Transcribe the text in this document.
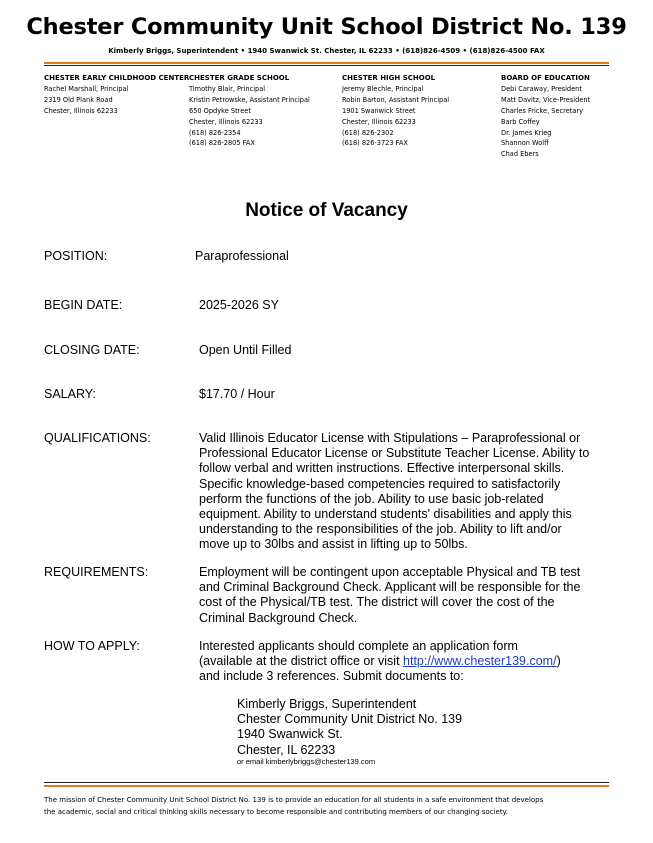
Chester Community Unit School District No. 139
Kimberly Briggs, Superintendent • 1940 Swanwick St. Chester, IL 62233 • (618)826-4509 • (618)826-4500 FAX
CHESTER EARLY CHILDHOOD CENTER
Rachel Marshall, Principal
2319 Old Plank Road
Chester, Illinois 62233
CHESTER GRADE SCHOOL
Timothy Blair, Principal
Kristin Petrowske, Assistant Principal
650 Opdyke Street
Chester, Illinois 62233
(618) 826-2354
(618) 826-2805 FAX
CHESTER HIGH SCHOOL
Jeremy Blechle, Principal
Robin Barton, Assistant Principal
1901 Swanwick Street
Chester, Illinois 62233
(618) 826-2302
(618) 826-3723 FAX
BOARD OF EDUCATION
Debi Caraway, President
Matt Davitz, Vice-President
Charles Fricke, Secretary
Barb Coffey
Dr. James Krieg
Shannon Wolff
Chad Ebers
Notice of Vacancy
POSITION:	Paraprofessional
BEGIN DATE:	2025-2026 SY
CLOSING DATE:	Open Until Filled
SALARY:	$17.70 / Hour
QUALIFICATIONS:	Valid Illinois Educator License with Stipulations – Paraprofessional or
Professional Educator License or Substitute Teacher License. Ability to
follow verbal and written instructions. Effective interpersonal skills.
Specific knowledge-based competencies required to satisfactorily
perform the functions of the job. Ability to use basic job-related
equipment. Ability to understand students' disabilities and apply this
understanding to the responsibilities of the job. Ability to lift and/or
move up to 30lbs and assist in lifting up to 50lbs.
REQUIREMENTS:	Employment will be contingent upon acceptable Physical and TB test
and Criminal Background Check. Applicant will be responsible for the
cost of the Physical/TB test. The district will cover the cost of the
Criminal Background Check.
HOW TO APPLY:	Interested applicants should complete an application form
(available at the district office or visit http://www.chester139.com/)
and include 3 references. Submit documents to:
Kimberly Briggs, Superintendent
Chester Community Unit District No. 139
1940 Swanwick St.
Chester, IL 62233
or email kimberlybriggs@chester139.com
The mission of Chester Community Unit School District No. 139 is to provide an education for all students in a safe environment that develops
the academic, social and critical thinking skills necessary to become responsible and contributing members of our changing society.
